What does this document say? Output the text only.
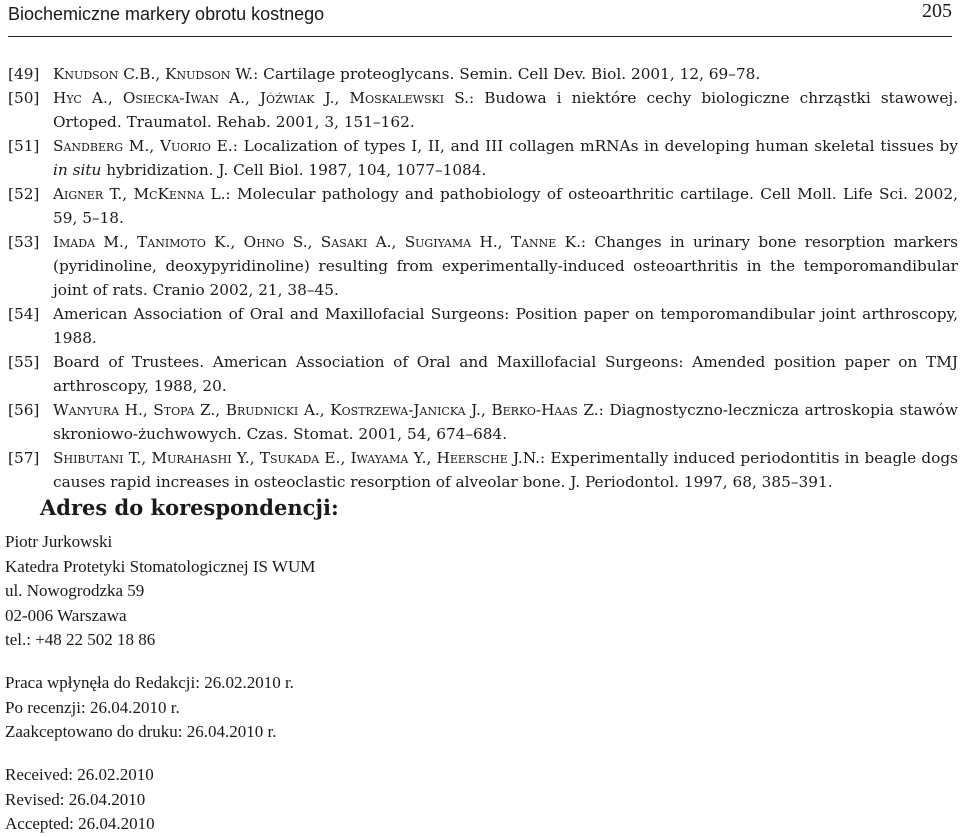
Biochemiczne markery obrotu kostnego	205
[49] Knudson C.B., Knudson W.: Cartilage proteoglycans. Semin. Cell Dev. Biol. 2001, 12, 69–78.
[50] Hyc A., Osiecka-Iwan A., Jóźwiak J., Moskalewski S.: Budowa i niektóre cechy biologiczne chrząstki stawowej. Ortoped. Traumatol. Rehab. 2001, 3, 151–162.
[51] Sandberg M., Vuorio E.: Localization of types I, II, and III collagen mRNAs in developing human skeletal tissues by in situ hybridization. J. Cell Biol. 1987, 104, 1077–1084.
[52] Aigner T., McKenna L.: Molecular pathology and pathobiology of osteoarthritic cartilage. Cell Moll. Life Sci. 2002, 59, 5–18.
[53] Imada M., Tanimoto K., Ohno S., Sasaki A., Sugiyama H., Tanne K.: Changes in urinary bone resorption markers (pyridinoline, deoxypyridinoline) resulting from experimentally-induced osteoarthritis in the temporomandibular joint of rats. Cranio 2002, 21, 38–45.
[54] American Association of Oral and Maxillofacial Surgeons: Position paper on temporomandibular joint arthroscopy, 1988.
[55] Board of Trustees. American Association of Oral and Maxillofacial Surgeons: Amended position paper on TMJ arthroscopy, 1988, 20.
[56] Wanyura H., Stopa Z., Brudnicki A., Kostrzewa-Janicka J., Berko-Haas Z.: Diagnostyczno-lecznicza artroskopia stawów skroniowo-żuchwowych. Czas. Stomat. 2001, 54, 674–684.
[57] Shibutani T., Murahashi Y., Tsukada E., Iwayama Y., Heersche J.N.: Experimentally induced periodontitis in beagle dogs causes rapid increases in osteoclastic resorption of alveolar bone. J. Periodontol. 1997, 68, 385–391.
Adres do korespondencji:
Piotr Jurkowski
Katedra Protetyki Stomatologicznej IS WUM
ul. Nowogrodzka 59
02-006 Warszawa
tel.: +48 22 502 18 86
Praca wpłynęła do Redakcji: 26.02.2010 r.
Po recenzji: 26.04.2010 r.
Zaakceptowano do druku: 26.04.2010 r.
Received: 26.02.2010
Revised: 26.04.2010
Accepted: 26.04.2010
